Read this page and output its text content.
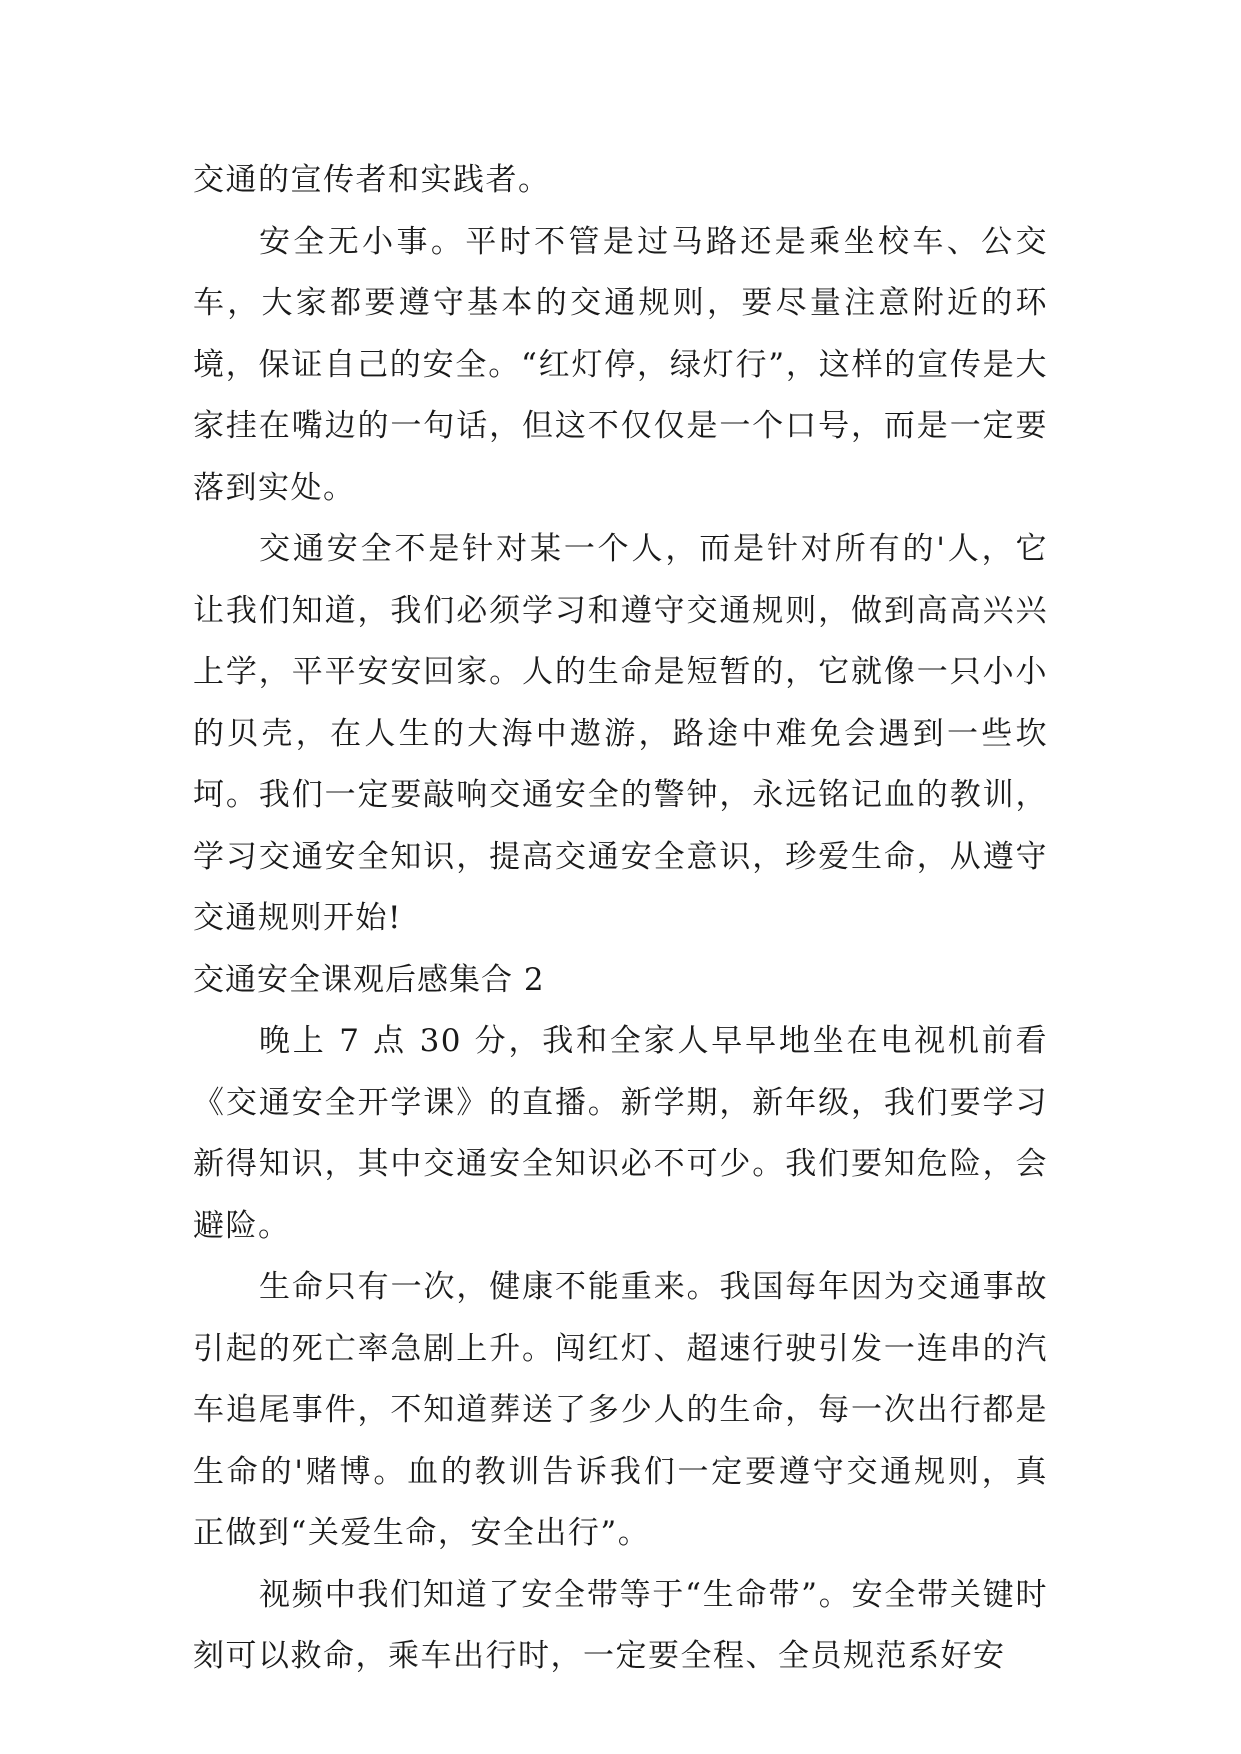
交通的宣传者和实践者。

安全无小事。平时不管是过马路还是乘坐校车、公交车，大家都要遵守基本的交通规则，要尽量注意附近的环境，保证自己的安全。“红灯停，绿灯行”，这样的宣传是大家挂在嘴边的一句话，但这不仅仅是一个口号，而是一定要落到实处。

交通安全不是针对某一个人，而是针对所有的'人，它让我们知道，我们必须学习和遵守交通规则，做到高高兴兴上学，平平安安回家。人的生命是短暂的，它就像一只小小的贝壳，在人生的大海中遨游，路途中难免会遇到一些坎坷。我们一定要敲响交通安全的警钟，永远铭记血的教训，学习交通安全知识，提高交通安全意识，珍爱生命，从遵守交通规则开始!

交通安全课观后感集合 2

晚上 7 点 30 分，我和全家人早早地坐在电视机前看《交通安全开学课》的直播。新学期，新年级，我们要学习新得知识，其中交通安全知识必不可少。我们要知危险，会避险。

生命只有一次，健康不能重来。我国每年因为交通事故引起的死亡率急剧上升。闯红灯、超速行驶引发一连串的汽车追尾事件，不知道葬送了多少人的生命，每一次出行都是生命的'赌博。血的教训告诉我们一定要遵守交通规则，真正做到“关爱生命，安全出行”。

视频中我们知道了安全带等于“生命带”。安全带关键时刻可以救命，乘车出行时，一定要全程、全员规范系好安
